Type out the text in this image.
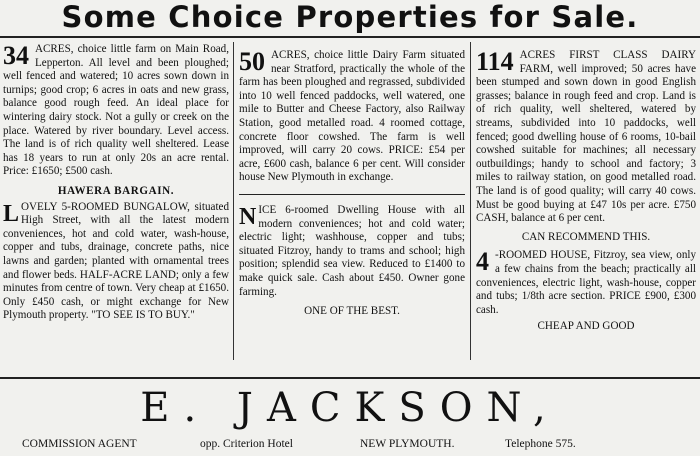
Some Choice Properties for Sale.

34 ACRES, choice little farm on Main Road, Lepperton. All level and been ploughed; well fenced and watered; 10 acres sown down in turnips; good crop; 6 acres in oats and new grass, balance good rough feed. An ideal place for wintering dairy stock. Not a gully or creek on the place. Watered by river boundary. Level access. The land is of rich quality well sheltered. Lease has 18 years to run at only 20s an acre rental. Price: £1650; £500 cash.

HAWERA BARGAIN.

LOVELY 5-ROOMED BUNGALOW, situated High Street, with all the latest modern conveniences, hot and cold water, wash-house, copper and tubs, drainage, concrete paths, nice lawns and garden; planted with ornamental trees and flower beds. HALF-ACRE LAND; only a few minutes from centre of town. Very cheap at £1650. Only £450 cash, or might exchange for New Plymouth property. "TO SEE IS TO BUY."

50 ACRES, choice little Dairy Farm situated near Stratford, practically the whole of the farm has been ploughed and regrassed, subdivided into 10 well fenced paddocks, well watered, one mile to Butter and Cheese Factory, also Railway Station, good metalled road. 4 roomed cottage, concrete floor cowshed. The farm is well improved, will carry 20 cows. PRICE: £54 per acre, £600 cash, balance 6 per cent. Will consider house New Plymouth in exchange.

NICE 6-roomed Dwelling House with all modern conveniences; hot and cold water; electric light; washhouse, copper and tubs; situated Fitzroy, handy to trams and school; high position; splendid sea view. Reduced to £1400 to make quick sale. Cash about £450. Owner gone farming.

ONE OF THE BEST.

114 ACRES FIRST CLASS DAIRY FARM, well improved; 50 acres have been stumped and sown down in good English grasses; balance in rough feed and crop. Land is of rich quality, well sheltered, watered by streams, subdivided into 10 paddocks, well fenced; good dwelling house of 6 rooms, 10-bail cowshed suitable for machines; all necessary outbuildings; handy to school and factory; 3 miles to railway station, on good metalled road. The land is of good quality; will carry 40 cows. Must be good buying at £47 10s per acre. £750 CASH, balance at 6 per cent.

CAN RECOMMEND THIS.

4 -ROOMED HOUSE, Fitzroy, sea view, only a few chains from the beach; practically all conveniences, electric light, wash-house, copper and tubs; 1/8th acre section. PRICE £900, £300 cash.

CHEAP AND GOOD

E. JACKSON,
COMMISSION AGENT	opp. Criterion Hotel	NEW PLYMOUTH.	Telephone 575.
